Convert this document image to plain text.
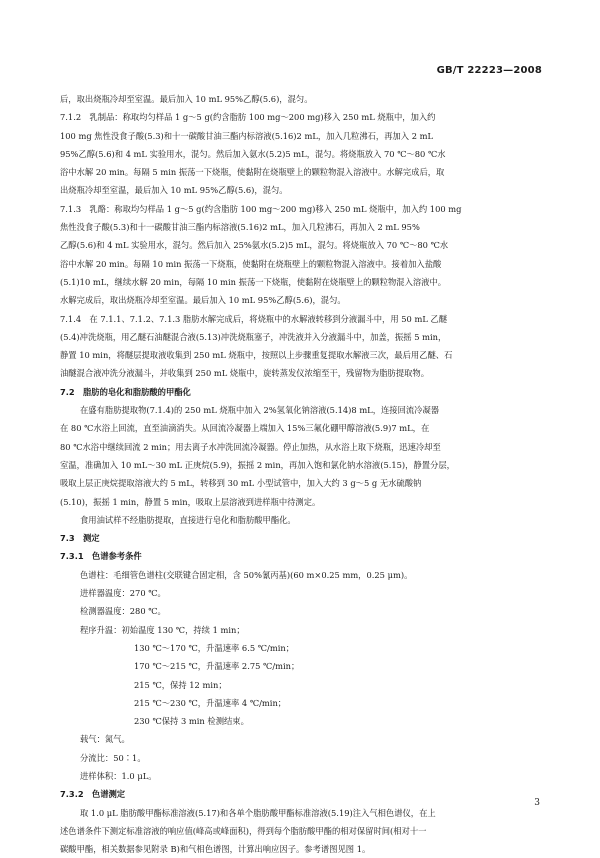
GB/T 22223—2008
后，取出烧瓶冷却至室温。最后加入 10 mL 95%乙醇(5.6)，混匀。
7.1.2　乳制品：称取均匀样品 1 g～5 g(约含脂肪 100 mg～200 mg)移入 250 mL 烧瓶中，加入约
100 mg 焦性没食子酸(5.3)和十一碳酸甘油三酯内标溶液(5.16)2 mL，加入几粒沸石，再加入 2 mL
95%乙醇(5.6)和 4 mL 实验用水，混匀。然后加入氨水(5.2)5 mL，混匀。将烧瓶放入 70 ℃～80 ℃水
浴中水解 20 min。每隔 5 min 振荡一下烧瓶，使黏附在烧瓶壁上的颗粒物混入溶液中。水解完成后，取
出烧瓶冷却至室温，最后加入 10 mL 95%乙醇(5.6)，混匀。
7.1.3　乳酪：称取均匀样品 1 g～5 g(约含脂肪 100 mg～200 mg)移入 250 mL 烧瓶中，加入约 100 mg
焦性没食子酸(5.3)和十一碳酸甘油三酯内标溶液(5.16)2 mL，加入几粒沸石，再加入 2 mL 95%
乙醇(5.6)和 4 mL 实验用水，混匀。然后加入 25%氨水(5.2)5 mL，混匀。将烧瓶放入 70 ℃～80 ℃水
浴中水解 20 min。每隔 10 min 振荡一下烧瓶，使黏附在烧瓶壁上的颗粒物混入溶液中。接着加入盐酸
(5.1)10 mL，继续水解 20 min，每隔 10 min 振荡一下烧瓶，使黏附在烧瓶壁上的颗粒物混入溶液中。
水解完成后，取出烧瓶冷却至室温。最后加入 10 mL 95%乙醇(5.6)，混匀。
7.1.4　在 7.1.1、7.1.2、7.1.3 脂肪水解完成后，将烧瓶中的水解液转移到分液漏斗中，用 50 mL 乙醚
(5.4)冲洗烧瓶，用乙醚石油醚混合液(5.13)冲洗烧瓶塞子，冲洗液并入分液漏斗中，加盖，振摇 5 min，
静置 10 min，将醚层提取液收集到 250 mL 烧瓶中，按照以上步骤重复提取水解液三次，最后用乙醚、石
油醚混合液冲洗分液漏斗，并收集到 250 mL 烧瓶中，旋转蒸发仪浓缩至干，残留物为脂肪提取物。
7.2　脂肪的皂化和脂肪酸的甲酯化
在盛有脂肪提取物(7.1.4)的 250 mL 烧瓶中加入 2%氢氧化钠溶液(5.14)8 mL，连接回流冷凝器
在 80 ℃水浴上回流，直至油滴消失。从回流冷凝器上端加入 15%三氟化硼甲醇溶液(5.9)7 mL，在
80 ℃水浴中继续回流 2 min；用去离子水冲洗回流冷凝器。停止加热，从水浴上取下烧瓶，迅速冷却至
室温，准确加入 10 mL～30 mL 正庚烷(5.9)，振摇 2 min，再加入饱和氯化钠水溶液(5.15)，静置分层，
吸取上层正庚烷提取溶液大约 5 mL，转移到 30 mL 小型试管中，加入大约 3 g～5 g 无水硫酸钠
(5.10)，振摇 1 min，静置 5 min，吸取上层溶液到进样瓶中待测定。
食用油试样不经脂肪提取，直接进行皂化和脂肪酸甲酯化。
7.3　测定
7.3.1　色谱参考条件
色谱柱：毛细管色谱柱(交联键合固定相，含 50%氰丙基)(60 m×0.25 mm，0.25 μm)。
进样器温度：270 ℃。
检测器温度：280 ℃。
程序升温：初始温度 130 ℃，持续 1 min；
130 ℃～170 ℃，升温速率 6.5 ℃/min；
170 ℃～215 ℃，升温速率 2.75 ℃/min；
215 ℃，保持 12 min；
215 ℃～230 ℃，升温速率 4 ℃/min；
230 ℃保持 3 min 检测结束。
载气：氮气。
分流比：50∶1。
进样体积：1.0 μL。
7.3.2　色谱测定
取 1.0 μL 脂肪酸甲酯标准溶液(5.17)和各单个脂肪酸甲酯标准溶液(5.19)注入气相色谱仪，在上
述色谱条件下测定标准溶液的响应值(峰高或峰面积)，得到每个脂肪酸甲酯的相对保留时间(相对十一
碳酸甲酯，相关数据参见附录 B)和气相色谱图，计算出响应因子。参考谱图见图 1。
3
